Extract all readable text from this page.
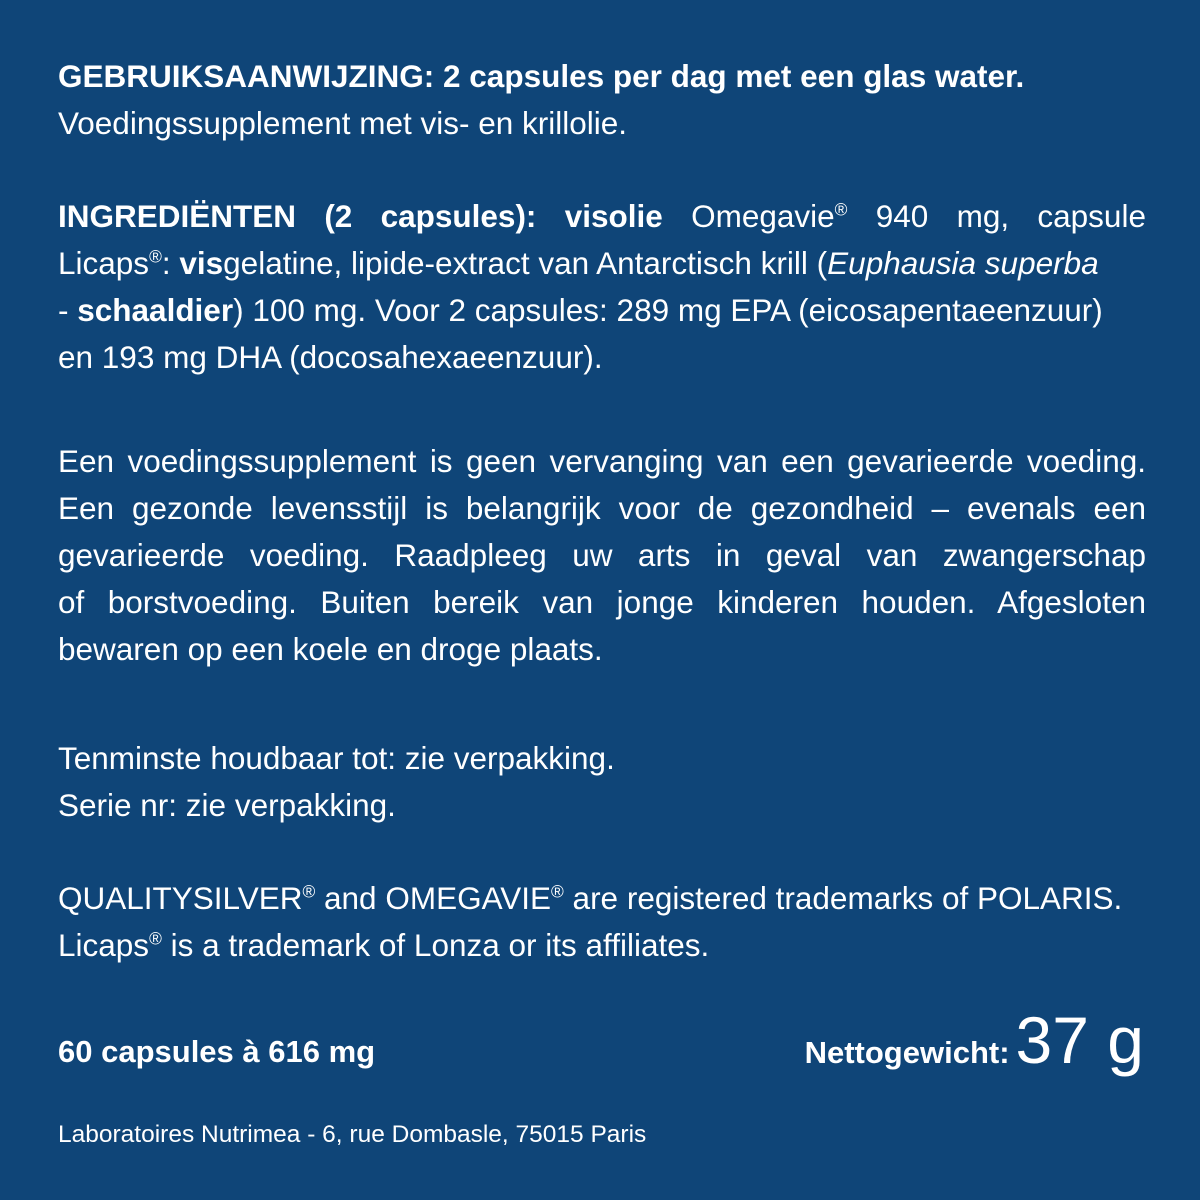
GEBRUIKSAANWIJZING: 2 capsules per dag met een glas water.
Voedingssupplement met vis- en krillolie.
INGREDIËNTEN (2 capsules): visolie Omegavie® 940 mg, capsule
Licaps®: visgelatine, lipide-extract van Antarctisch krill (Euphausia superba
- schaaldier) 100 mg. Voor 2 capsules: 289 mg EPA (eicosapentaeenzuur)
en 193 mg DHA (docosahexaeenzuur).
Een voedingssupplement is geen vervanging van een gevarieerde voeding.
Een gezonde levensstijl is belangrijk voor de gezondheid – evenals een
gevarieerde voeding. Raadpleeg uw arts in geval van zwangerschap
of borstvoeding. Buiten bereik van jonge kinderen houden. Afgesloten
bewaren op een koele en droge plaats.
Tenminste houdbaar tot: zie verpakking.
Serie nr: zie verpakking.
QUALITYSILVER® and OMEGAVIE® are registered trademarks of POLARIS.
Licaps® is a trademark of Lonza or its affiliates.
60 capsules à 616 mg	Nettogewicht: 37 g
Laboratoires Nutrimea - 6, rue Dombasle, 75015 Paris
